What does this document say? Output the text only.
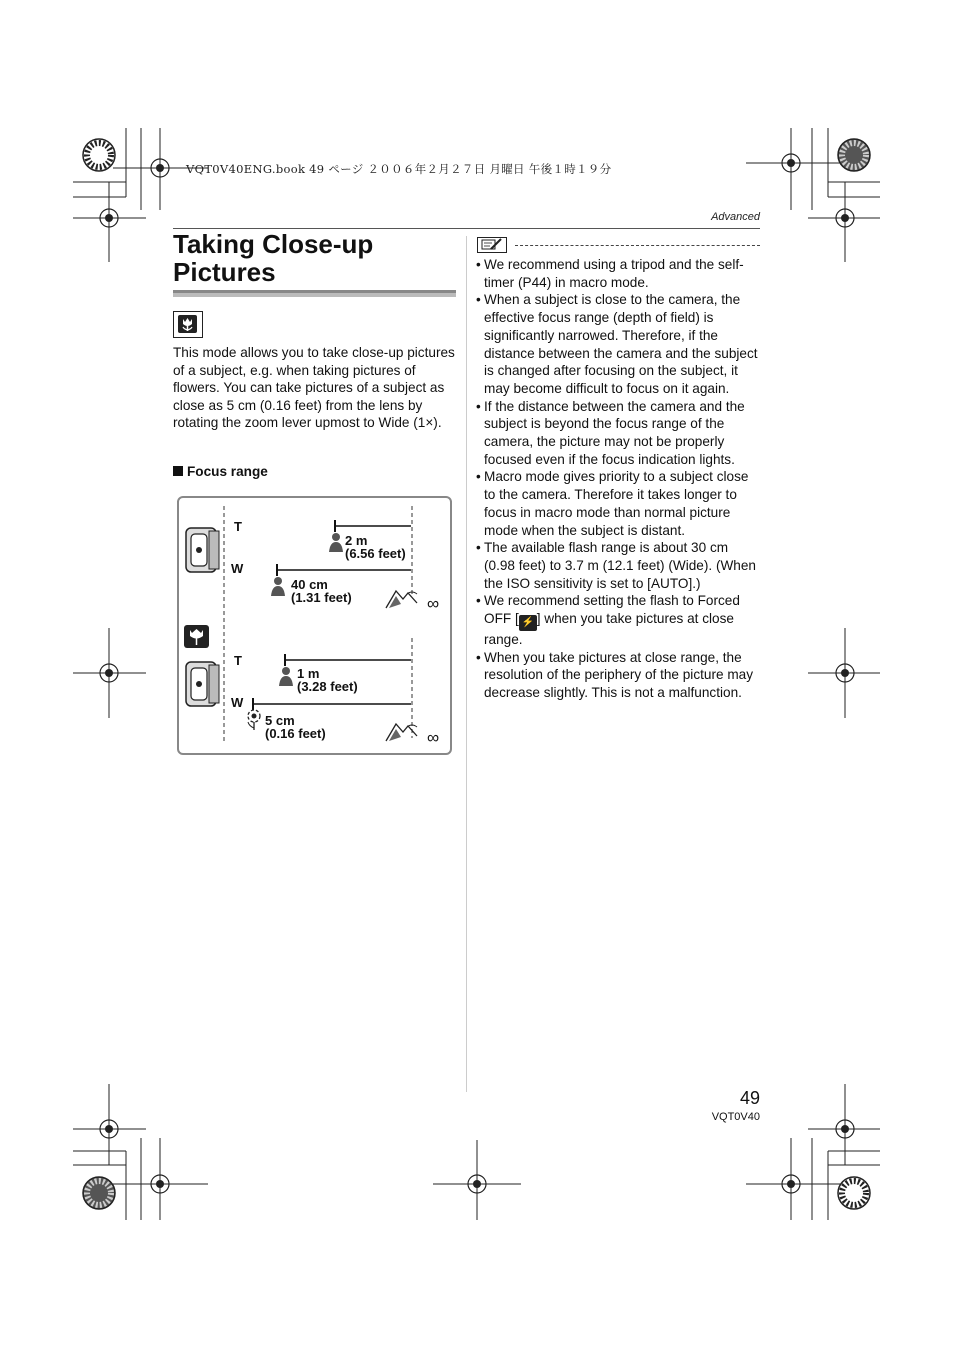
VQT0V40ENG.book 49 ページ ２００６年２月２７日 月曜日 午後１時１９分
Advanced
Taking Close-up
Pictures

This mode allows you to take close-up pictures of a subject, e.g. when taking pictures of flowers. You can take pictures of a subject as close as 5 cm (0.16 feet) from the lens by rotating the zoom lever upmost to Wide (1×).

Focus range
T
W
2 m
(6.56 feet)
40 cm
(1.31 feet)	∞
T
W
1 m
(3.28 feet)
5 cm
(0.16 feet)	∞
• We recommend using a tripod and the self-timer (P44) in macro mode.
• When a subject is close to the camera, the effective focus range (depth of field) is significantly narrowed. Therefore, if the distance between the camera and the subject is changed after focusing on the subject, it may become difficult to focus on it again.
• If the distance between the camera and the subject is beyond the focus range of the camera, the picture may not be properly focused even if the focus indication lights.
• Macro mode gives priority to a subject close to the camera. Therefore it takes longer to focus in macro mode than normal picture mode when the subject is distant.
• The available flash range is about 30 cm (0.98 feet) to 3.7 m (12.1 feet) (Wide). (When the ISO sensitivity is set to [AUTO].)
• We recommend setting the flash to Forced OFF [ ⚡ ] when you take pictures at close range.
• When you take pictures at close range, the resolution of the periphery of the picture may decrease slightly. This is not a malfunction.
49
VQT0V40
